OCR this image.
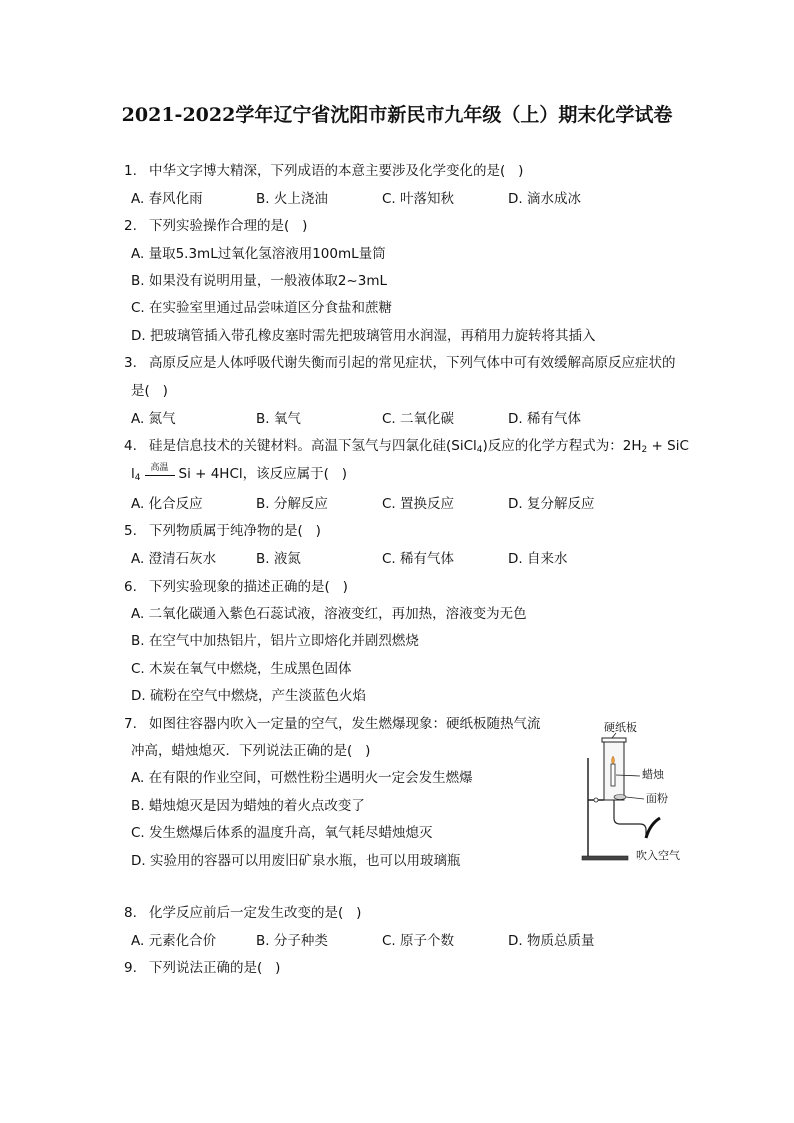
2021-2022学年辽宁省沈阳市新民市九年级（上）期末化学试卷
1. 中华文字博大精深，下列成语的本意主要涉及化学变化的是(   )
A. 春风化雨	B. 火上浇油	C. 叶落知秋	D. 滴水成冰
2. 下列实验操作合理的是(   )
A. 量取5.3mL过氧化氢溶液用100mL量筒
B. 如果没有说明用量，一般液体取2~3mL
C. 在实验室里通过品尝味道区分食盐和蔗糖
D. 把玻璃管插入带孔橡皮塞时需先把玻璃管用水润湿，再稍用力旋转将其插入
3. 高原反应是人体呼吸代谢失衡而引起的常见症状，下列气体中可有效缓解高原反应症状的
是(   )
A. 氮气	B. 氧气	C. 二氧化碳	D. 稀有气体
4. 硅是信息技术的关键材料。高温下氢气与四氯化硅(SiCl$_4$)反应的化学方程式为：$2H_2$ + SiC
$l_4$
高温 Si + 4HCl，该反应属于(   )
A. 化合反应	B. 分解反应	C. 置换反应	D. 复分解反应
5. 下列物质属于纯净物的是(   )
A. 澄清石灰水	B. 液氮	C. 稀有气体	D. 自来水
6. 下列实验现象的描述正确的是(   )
A. 二氧化碳通入紫色石蕊试液，溶液变红，再加热，溶液变为无色
B. 在空气中加热铝片，铝片立即熔化并剧烈燃烧
C. 木炭在氧气中燃烧，生成黑色固体
D. 硫粉在空气中燃烧，产生淡蓝色火焰
7. 如图往容器内吹入一定量的空气，发生燃爆现象：硬纸板随热气流
冲高，蜡烛熄灭．下列说法正确的是(   )
A. 在有限的作业空间，可燃性粉尘遇明火一定会发生燃爆
B. 蜡烛熄灭是因为蜡烛的着火点改变了
C. 发生燃爆后体系的温度升高，氧气耗尽蜡烛熄灭
D. 实验用的容器可以用废旧矿泉水瓶，也可以用玻璃瓶
硬纸板
蜡烛
面粉
吹入空气
8. 化学反应前后一定发生改变的是(   )
A. 元素化合价	B. 分子种类	C. 原子个数	D. 物质总质量
9. 下列说法正确的是(   )
